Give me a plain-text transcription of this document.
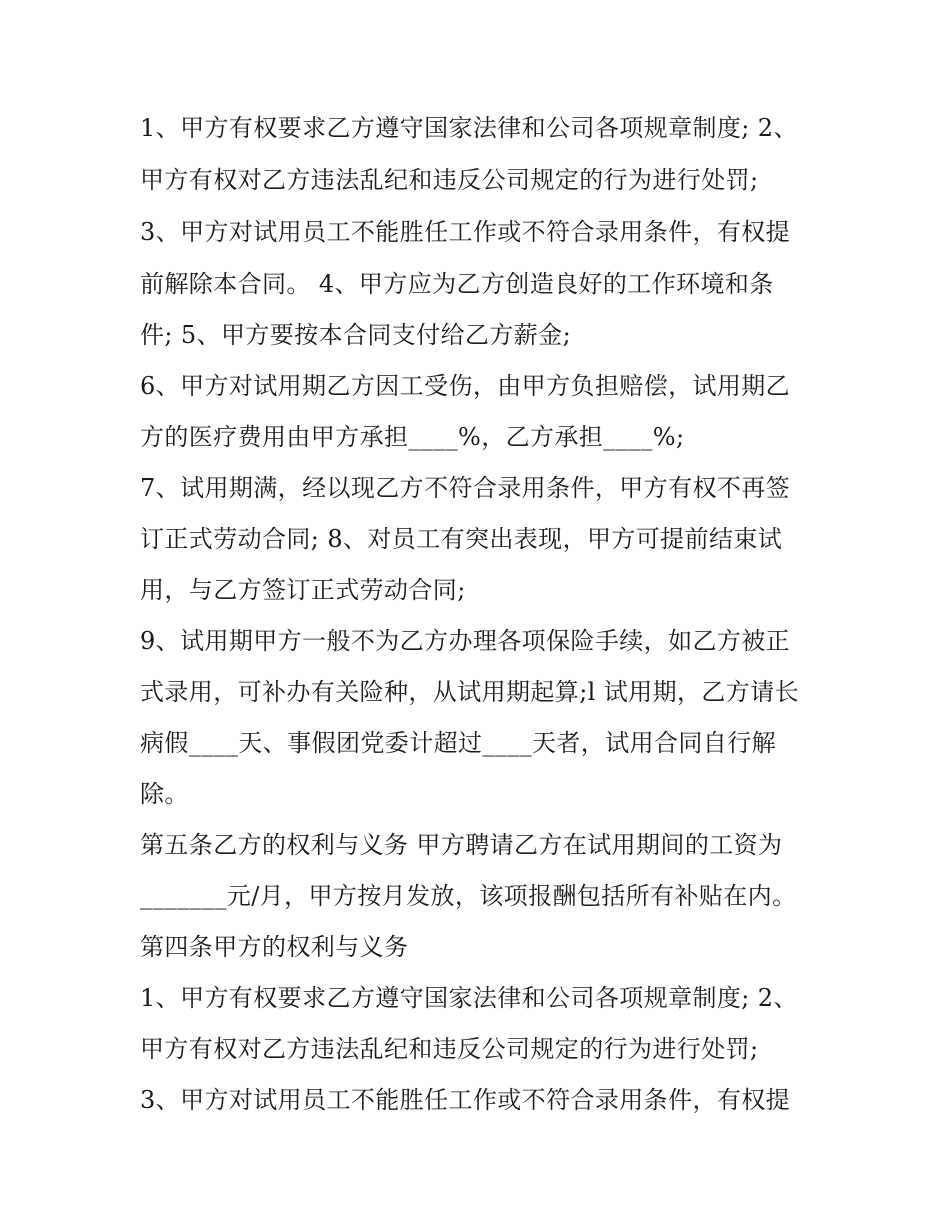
1、甲方有权要求乙方遵守国家法律和公司各项规章制度; 2、
甲方有权对乙方违法乱纪和违反公司规定的行为进行处罚;
3、甲方对试用员工不能胜任工作或不符合录用条件，有权提
前解除本合同。 4、甲方应为乙方创造良好的工作环境和条
件; 5、甲方要按本合同支付给乙方薪金;
6、甲方对试用期乙方因工受伤，由甲方负担赔偿，试用期乙
方的医疗费用由甲方承担____%，乙方承担____%;
7、试用期满，经以现乙方不符合录用条件，甲方有权不再签
订正式劳动合同; 8、对员工有突出表现，甲方可提前结束试
用，与乙方签订正式劳动合同;
9、试用期甲方一般不为乙方办理各项保险手续，如乙方被正
式录用，可补办有关险种，从试用期起算;l 试用期，乙方请长
病假____天、事假团党委计超过____天者，试用合同自行解
除。
第五条乙方的权利与义务 甲方聘请乙方在试用期间的工资为
_______元/月，甲方按月发放，该项报酬包括所有补贴在内。
第四条甲方的权利与义务
1、甲方有权要求乙方遵守国家法律和公司各项规章制度; 2、
甲方有权对乙方违法乱纪和违反公司规定的行为进行处罚;
3、甲方对试用员工不能胜任工作或不符合录用条件，有权提
